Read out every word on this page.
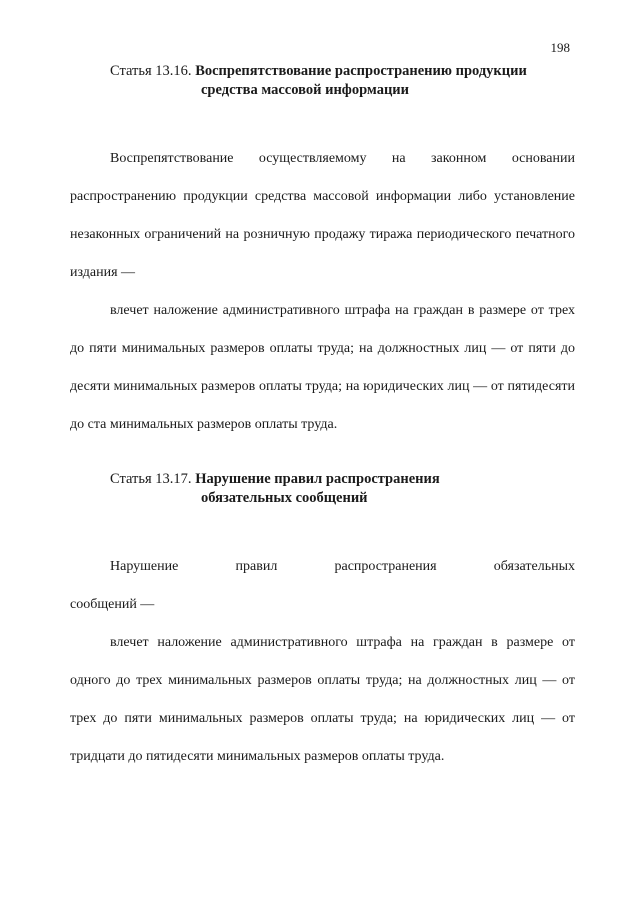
198
Статья 13.16. Воспрепятствование распространению продукции
средства массовой информации

Воспрепятствование осуществляемому на законном основании распространению продукции средства массовой информации либо установление незаконных ограничений на розничную продажу тиража периодического печатного издания —

влечет наложение административного штрафа на граждан в размере от трех до пяти минимальных размеров оплаты труда; на должностных лиц — от пяти до десяти минимальных размеров оплаты труда; на юридических лиц — от пятидесяти до ста минимальных размеров оплаты труда.

Статья 13.17. Нарушение правил распространения
обязательных сообщений
Нарушение	правил	распространения	обязательных

сообщений —

влечет наложение административного штрафа на граждан в размере от одного до трех минимальных размеров оплаты труда; на должностных лиц — от трех до пяти минимальных размеров оплаты труда; на юридических лиц — от тридцати до пятидесяти минимальных размеров оплаты труда.
